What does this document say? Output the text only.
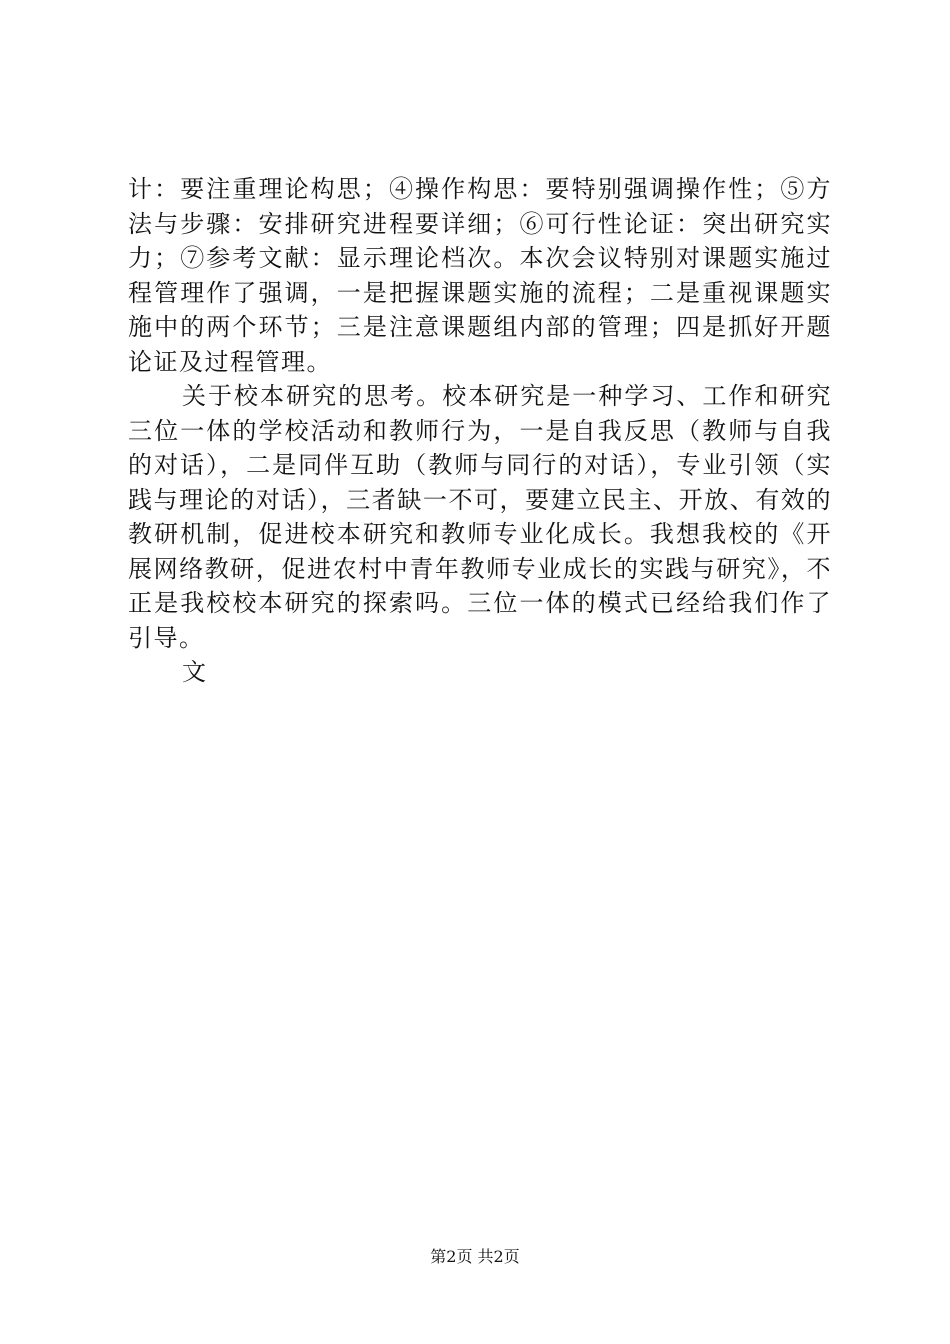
计：要注重理论构思；④操作构思：要特别强调操作性；⑤方法与步骤：安排研究进程要详细；⑥可行性论证：突出研究实力；⑦参考文献：显示理论档次。本次会议特别对课题实施过程管理作了强调，一是把握课题实施的流程；二是重视课题实施中的两个环节；三是注意课题组内部的管理；四是抓好开题论证及过程管理。

关于校本研究的思考。校本研究是一种学习、工作和研究三位一体的学校活动和教师行为，一是自我反思（教师与自我的对话），二是同伴互助（教师与同行的对话），专业引领（实践与理论的对话），三者缺一不可，要建立民主、开放、有效的教研机制，促进校本研究和教师专业化成长。我想我校的《开展网络教研，促进农村中青年教师专业成长的实践与研究》，不正是我校校本研究的探索吗。三位一体的模式已经给我们作了引导。

文

第2页 共2页
